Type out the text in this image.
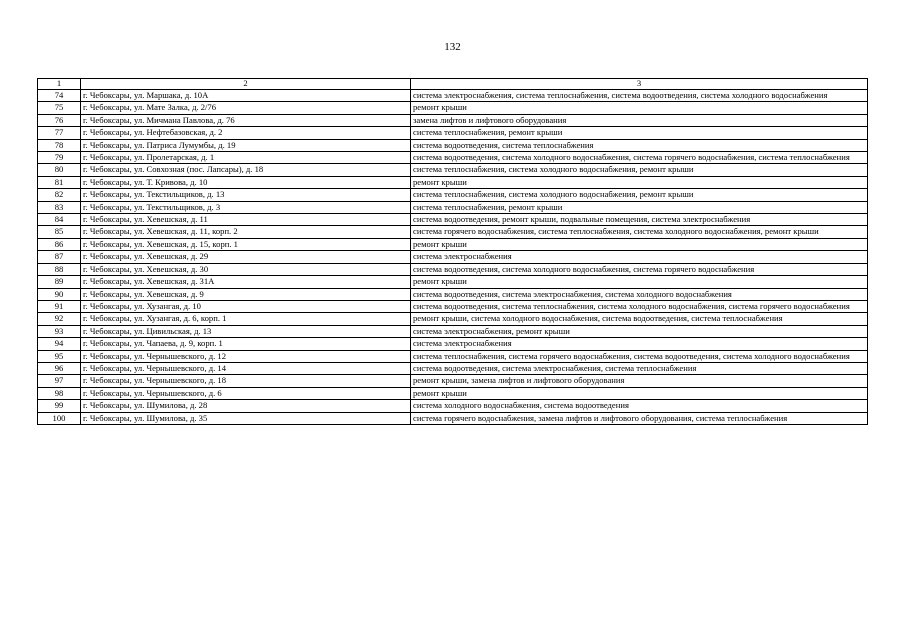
132
1	2	3
74	г. Чебоксары, ул. Маршака, д. 10А	система электроснабжения, система теплоснабжения, система водоотведения, система холодного водоснабжения
75	г. Чебоксары, ул. Мате Залка, д. 2/76	ремонт крыши
76	г. Чебоксары, ул. Мичмана Павлова, д. 76	замена лифтов и лифтового оборудования
77	г. Чебоксары, ул. Нефтебазовская, д. 2	система теплоснабжения, ремонт крыши
78	г. Чебоксары, ул. Патриса Лумумбы, д. 19	система водоотведения, система теплоснабжения
79	г. Чебоксары, ул. Пролетарская, д. 1	система водоотведения, система холодного водоснабжения, система горячего водоснабжения, система теплоснабжения
80	г. Чебоксары, ул. Совхозная (пос. Лапсары), д. 18	система теплоснабжения, система холодного водоснабжения, ремонт крыши
81	г. Чебоксары, ул. Т. Кривова, д. 10	ремонт крыши
82	г. Чебоксары, ул. Текстильщиков, д. 13	система теплоснабжения, система холодного водоснабжения, ремонт крыши
83	г. Чебоксары, ул. Текстильщиков, д. 3	система теплоснабжения, ремонт крыши
84	г. Чебоксары, ул. Хевешская, д. 11	система водоотведения, ремонт крыши, подвальные помещения, система электроснабжения
85	г. Чебоксары, ул. Хевешская, д. 11, корп. 2	система горячего водоснабжения, система теплоснабжения, система холодного водоснабжения, ремонт крыши
86	г. Чебоксары, ул. Хевешская, д. 15, корп. 1	ремонт крыши
87	г. Чебоксары, ул. Хевешская, д. 29	система электроснабжения
88	г. Чебоксары, ул. Хевешская, д. 30	система водоотведения, система холодного водоснабжения, система горячего водоснабжения
89	г. Чебоксары, ул. Хевешская, д. 31А	ремонт крыши
90	г. Чебоксары, ул. Хевешская, д. 9	система водоотведения, система электроснабжения, система холодного водоснабжения
91	г. Чебоксары, ул. Хузангая, д. 10	система водоотведения, система теплоснабжения, система холодного водоснабжения, система горячего водоснабжения
92	г. Чебоксары, ул. Хузангая, д. 6, корп. 1	ремонт крыши, система холодного водоснабжения, система водоотведения, система теплоснабжения
93	г. Чебоксары, ул. Цивильская, д. 13	система электроснабжения, ремонт крыши
94	г. Чебоксары, ул. Чапаева, д. 9, корп. 1	система электроснабжения
95	г. Чебоксары, ул. Чернышевского, д. 12	система теплоснабжения, система горячего водоснабжения, система водоотведения, система холодного водоснабжения
96	г. Чебоксары, ул. Чернышевского, д. 14	система водоотведения, система электроснабжения, система теплоснабжения
97	г. Чебоксары, ул. Чернышевского, д. 18	ремонт крыши, замена лифтов и лифтового оборудования
98	г. Чебоксары, ул. Чернышевского, д. 6	ремонт крыши
99	г. Чебоксары, ул. Шумилова, д. 28	система холодного водоснабжения, система водоотведения
100	г. Чебоксары, ул. Шумилова, д. 35	система горячего водоснабжения, замена лифтов и лифтового оборудования, система теплоснабжения
